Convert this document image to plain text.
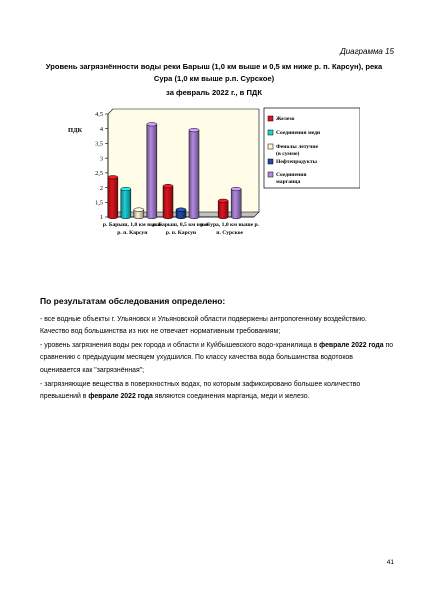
Диаграмма 15
Уровень загрязнённости воды реки Барыш (1,0 км выше и 0,5 км ниже р. п. Карсун), река
Сура (1,0 км выше р.п. Сурское)
за февраль 2022 г., в ПДК
ПДК
1
1,5
2
2,5
3
3,5
4
4,5
р. Барыш, 1,0 км выше
р. п. Карсун
р. Барыш, 0,5 км ниже
р. п. Карсун
р. Сура, 1,0 км выше р.
п. Сурское
Железо
Соединения меди
Фенолы летучие
(в сумме)
Нефтепродукты
Соединения
марганца
По результатам обследования определено:
- все водные объекты г. Ульяновск и Ульяновской области подвержены антропогенному воздействию. Качество вод большинства из них не отвечает нормативным требованиям;
- уровень загрязнения воды рек города и области и Куйбышевского водо-хранилища в феврале 2022 года по сравнению с предыдущим месяцем ухудшился. По классу качества вода большинства водотоков оценивается как "загрязнённая";
- загрязняющие вещества в поверхностных водах, по которым зафиксировано большее количество превышений в феврале 2022 года являются соединения марганца, меди и железо.
41
